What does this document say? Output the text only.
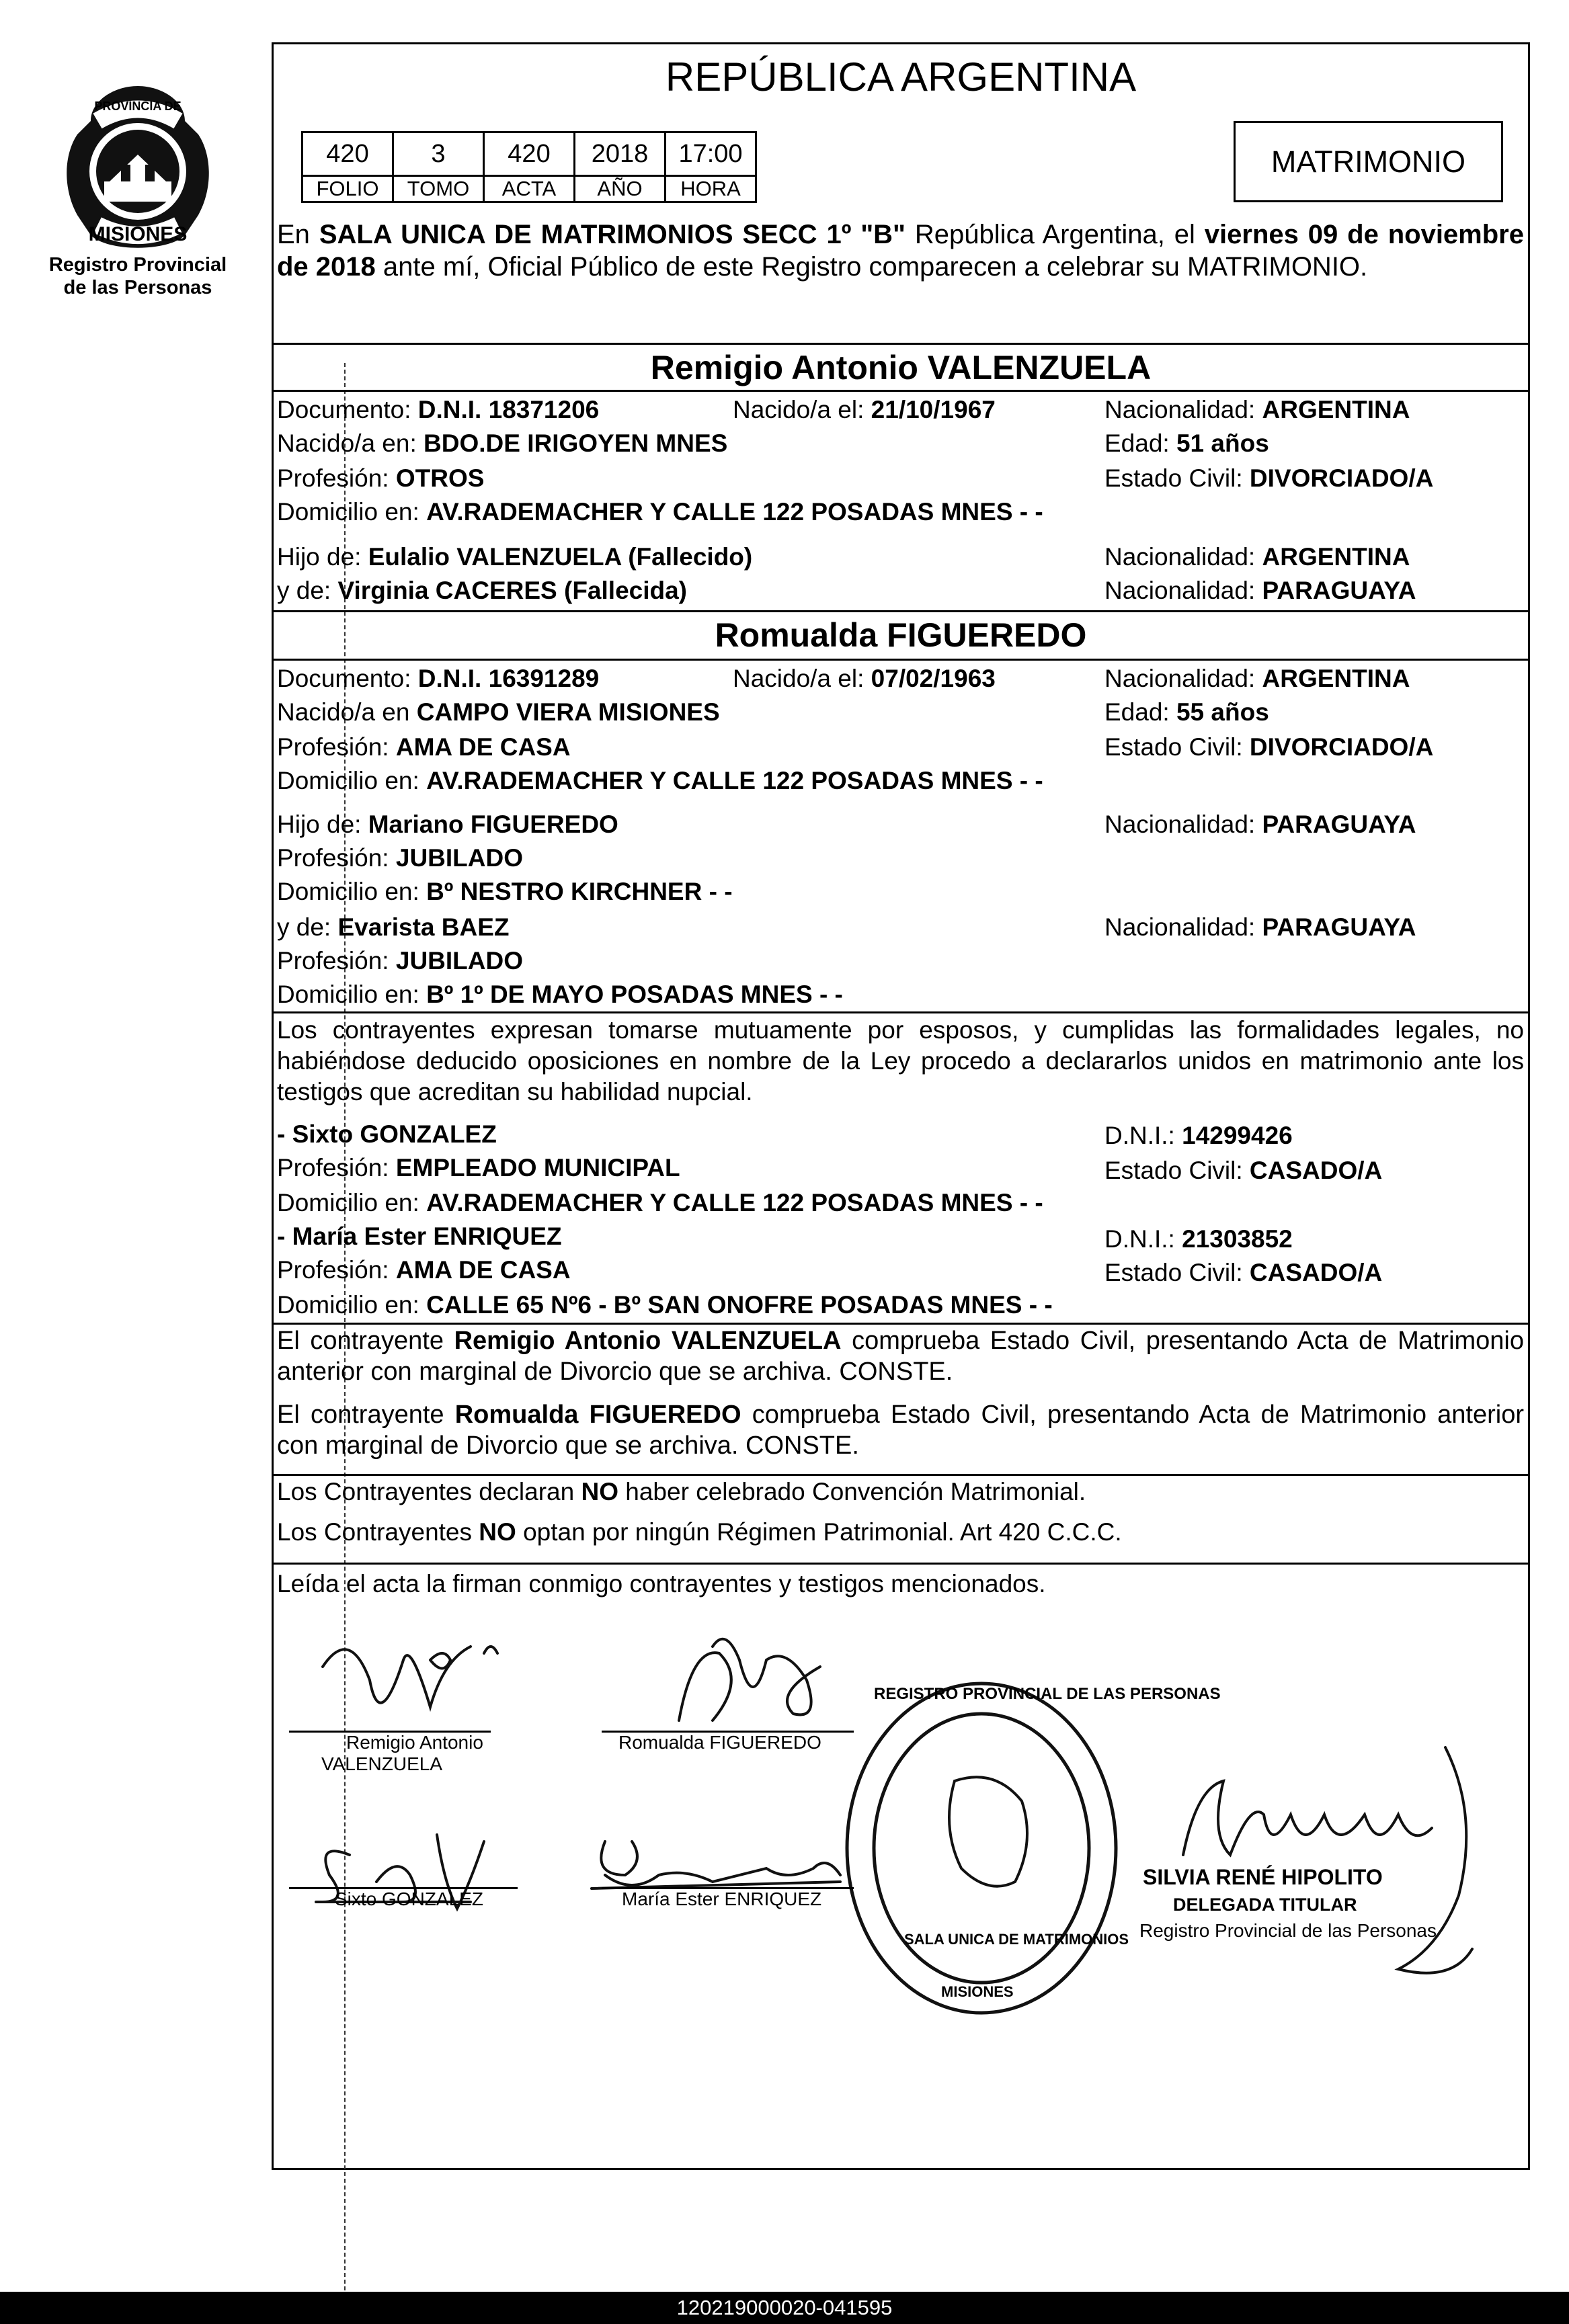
PROVINCIA DE
MISIONES
Registro Provincial
de las Personas
REPÚBLICA ARGENTINA
420	3	420	2018	17:00
FOLIO	TOMO	ACTA	AÑO	HORA
MATRIMONIO
En SALA UNICA DE MATRIMONIOS SECC 1º "B" República Argentina, el viernes 09 de noviembre de 2018 ante mí, Oficial Público de este Registro comparecen a celebrar su MATRIMONIO.
Remigio Antonio VALENZUELA
Documento: D.N.I. 18371206	Nacido/a el: 21/10/1967	Nacionalidad: ARGENTINA
Nacido/a en: BDO.DE IRIGOYEN MNES	Edad: 51 años
Profesión: OTROS	Estado Civil: DIVORCIADO/A
Domicilio en: AV.RADEMACHER Y CALLE 122 POSADAS MNES - -
Hijo de: Eulalio VALENZUELA (Fallecido)	Nacionalidad: ARGENTINA
y de: Virginia CACERES (Fallecida)	Nacionalidad: PARAGUAYA
Romualda FIGUEREDO
Documento: D.N.I. 16391289	Nacido/a el: 07/02/1963	Nacionalidad: ARGENTINA
Nacido/a en CAMPO VIERA MISIONES	Edad: 55 años
Profesión: AMA DE CASA	Estado Civil: DIVORCIADO/A
Domicilio en: AV.RADEMACHER Y CALLE 122 POSADAS MNES - -
Hijo de: Mariano FIGUEREDO	Nacionalidad: PARAGUAYA
Profesión: JUBILADO
Domicilio en: Bº NESTRO KIRCHNER - -
y de: Evarista BAEZ	Nacionalidad: PARAGUAYA
Profesión: JUBILADO
Domicilio en: Bº 1º DE MAYO POSADAS MNES - -
Los contrayentes expresan tomarse mutuamente por esposos, y cumplidas las formalidades legales, no habiéndose deducido oposiciones en nombre de la Ley procedo a declararlos unidos en matrimonio ante los testigos que acreditan su habilidad nupcial.
- Sixto GONZALEZ	D.N.I.: 14299426
Profesión: EMPLEADO MUNICIPAL	Estado Civil: CASADO/A
Domicilio en: AV.RADEMACHER Y CALLE 122 POSADAS MNES - -
- María Ester ENRIQUEZ	D.N.I.: 21303852
Profesión: AMA DE CASA	Estado Civil: CASADO/A
Domicilio en: CALLE 65 Nº6 - Bº SAN ONOFRE POSADAS MNES - -
El contrayente Remigio Antonio VALENZUELA comprueba Estado Civil, presentando Acta de Matrimonio anterior con marginal de Divorcio que se archiva. CONSTE.
El contrayente Romualda FIGUEREDO comprueba Estado Civil, presentando Acta de Matrimonio anterior con marginal de Divorcio que se archiva. CONSTE.
Los Contrayentes declaran NO haber celebrado Convención Matrimonial.
Los Contrayentes NO optan por ningún Régimen Patrimonial. Art 420 C.C.C.
Leída el acta la firman conmigo contrayentes y testigos mencionados.
Remigio Antonio
VALENZUELA
Romualda FIGUEREDO
Sixto GONZALEZ	María Ester ENRIQUEZ
REGISTRO PROVINCIAL DE LAS PERSONAS
SALA UNICA DE MATRIMONIOS
MISIONES
SILVIA RENÉ HIPOLITO
DELEGADA TITULAR
Registro Provincial de las Personas
120219000020-041595
